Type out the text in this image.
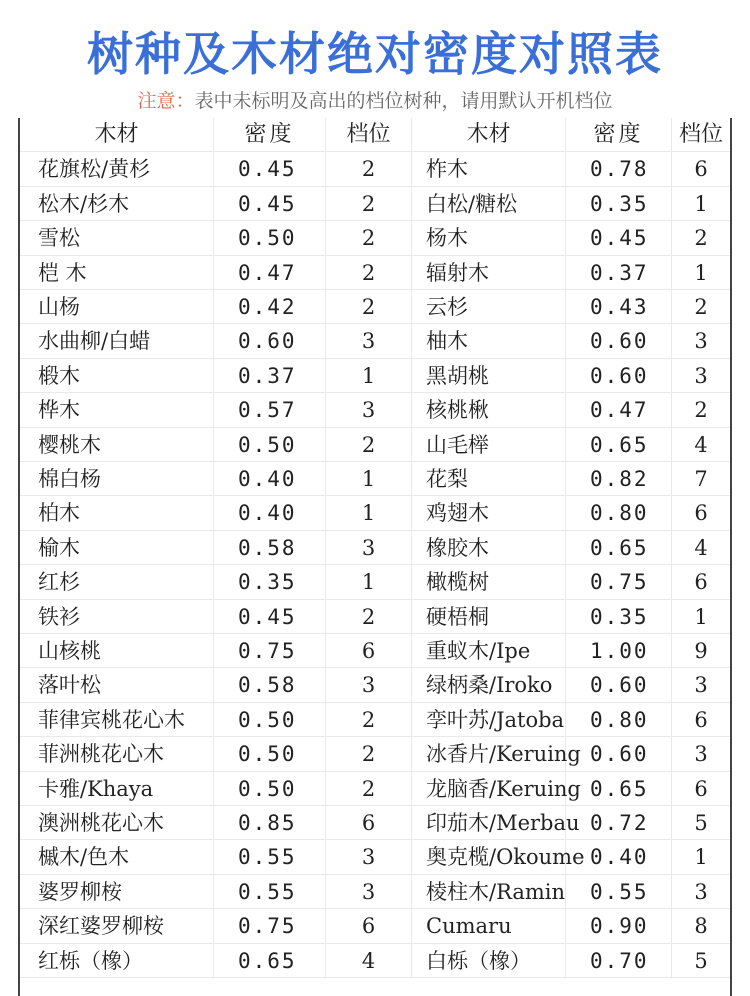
树种及木材绝对密度对照表
注意：表中未标明及高出的档位树种，请用默认开机档位
木材	密度	档位	木材	密度	档位
花旗松/黄杉	0.45	2	柞木	0.78	6
松木/杉木	0.45	2	白松/糖松	0.35	1
雪松	0.50	2	杨木	0.45	2
桤 木	0.47	2	辐射木	0.37	1
山杨	0.42	2	云杉	0.43	2
水曲柳/白蜡	0.60	3	柚木	0.60	3
椴木	0.37	1	黑胡桃	0.60	3
桦木	0.57	3	核桃楸	0.47	2
樱桃木	0.50	2	山毛榉	0.65	4
棉白杨	0.40	1	花梨	0.82	7
柏木	0.40	1	鸡翅木	0.80	6
榆木	0.58	3	橡胶木	0.65	4
红杉	0.35	1	橄榄树	0.75	6
铁衫	0.45	2	硬梧桐	0.35	1
山核桃	0.75	6	重蚁木/Ipe	1.00	9
落叶松	0.58	3	绿柄桑/Iroko	0.60	3
菲律宾桃花心木	0.50	2	孪叶苏/Jatoba	0.80	6
菲洲桃花心木	0.50	2	冰香片/Keruing 0.60	3
卡雅/Khaya	0.50	2	龙脑香/Keruing 0.65	6
澳洲桃花心木	0.85	6	印茄木/Merbau 0.72	5
槭木/色木	0.55	3	奥克榄/Okoume 0.40	1
婆罗柳桉	0.55	3	棱柱木/Ramin	0.55	3
深红婆罗柳桉	0.75	6	Cumaru	0.90	8
红栎（橡）	0.65	4	白栎（橡）	0.70	5
